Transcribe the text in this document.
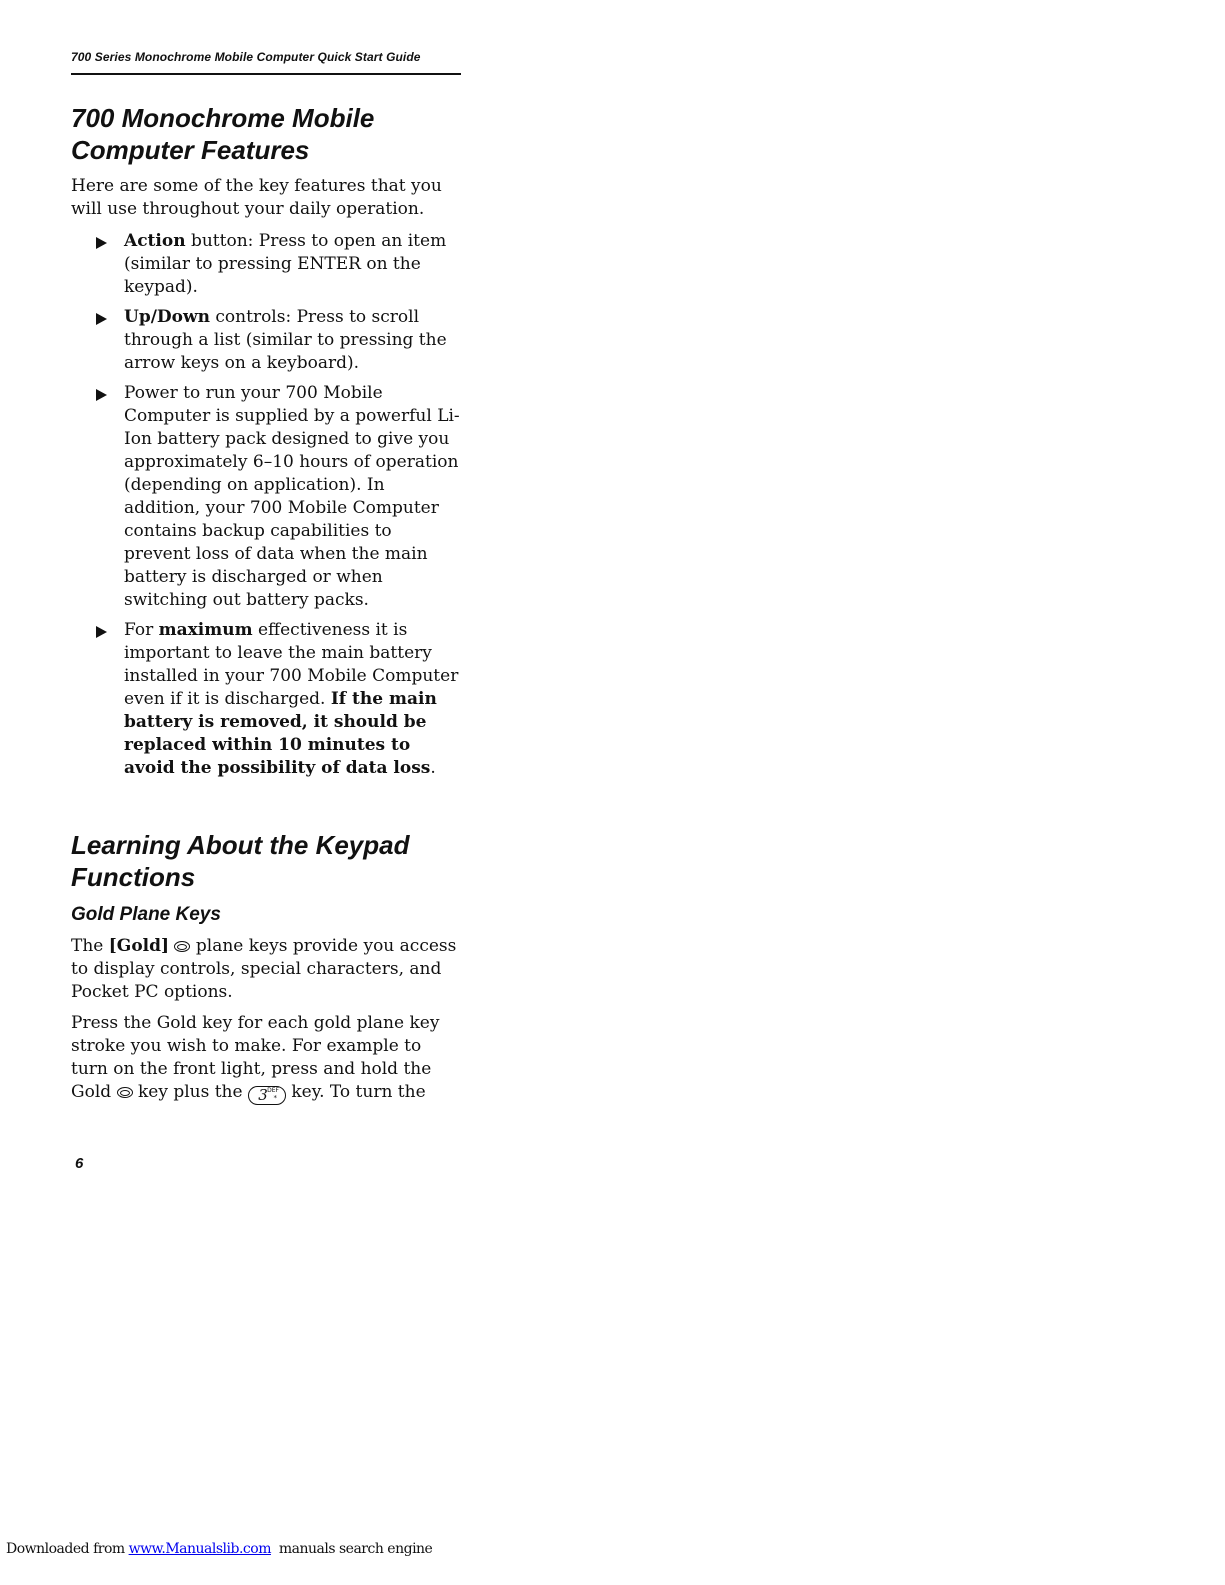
700 Series Monochrome Mobile Computer Quick Start Guide
700 Monochrome Mobile
Computer Features

Here are some of the key features that you will use throughout your daily operation.

Action button: Press to open an item (similar to pressing ENTER on the keypad).
Up/Down controls: Press to scroll through a list (similar to pressing the arrow keys on a keyboard).
Power to run your 700 Mobile Computer is supplied by a powerful Li-Ion battery pack designed to give you approximately 6–10 hours of operation (depending on application). In addition, your 700 Mobile Computer contains backup capabilities to prevent loss of data when the main battery is discharged or when switching out battery packs.
For maximum effectiveness it is important to leave the main battery installed in your 700 Mobile Computer even if it is discharged. If the main battery is removed, it should be replaced within 10 minutes to avoid the possibility of data loss.
Learning About the Keypad
Functions
Gold Plane Keys

The [Gold]  plane keys provide you access to display controls, special characters, and Pocket PC options.

Press the Gold key for each gold plane key stroke you wish to make. For example to turn on the front light, press and hold the Gold  key plus the 3 DEF
* key. To turn the

6
Downloaded from www.Manualslib.com  manuals search engine
